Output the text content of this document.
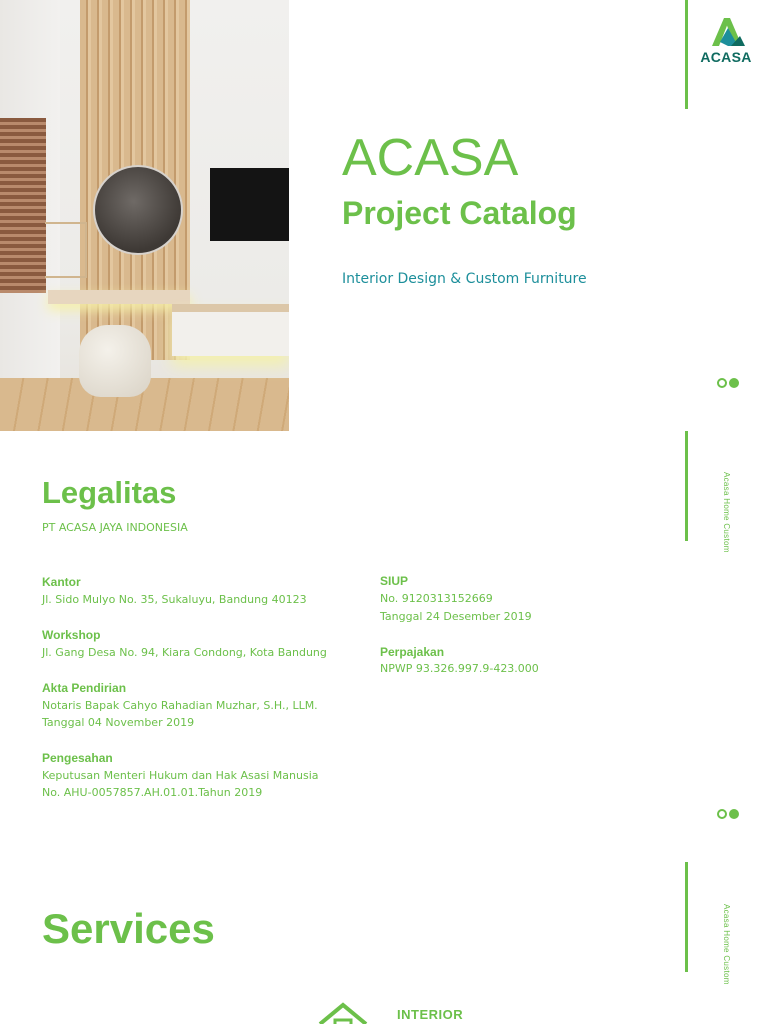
ACASA
Acasa Home Custom
Acasa Home Custom
ACASA
Project Catalog
Interior Design & Custom Furniture
Legalitas
PT ACASA JAYA INDONESIA
Kantor
Jl. Sido Mulyo No. 35, Sukaluyu, Bandung 40123
Workshop
Jl. Gang Desa No. 94, Kiara Condong, Kota Bandung
Akta Pendirian
Notaris Bapak Cahyo Rahadian Muzhar, S.H., LLM.
Tanggal 04 November 2019
Pengesahan
Keputusan Menteri Hukum dan Hak Asasi Manusia
No. AHU-0057857.AH.01.01.Tahun 2019
SIUP
No. 9120313152669
Tanggal 24 Desember 2019
Perpajakan
NPWP 93.326.997.9-423.000
Services
INTERIOR
